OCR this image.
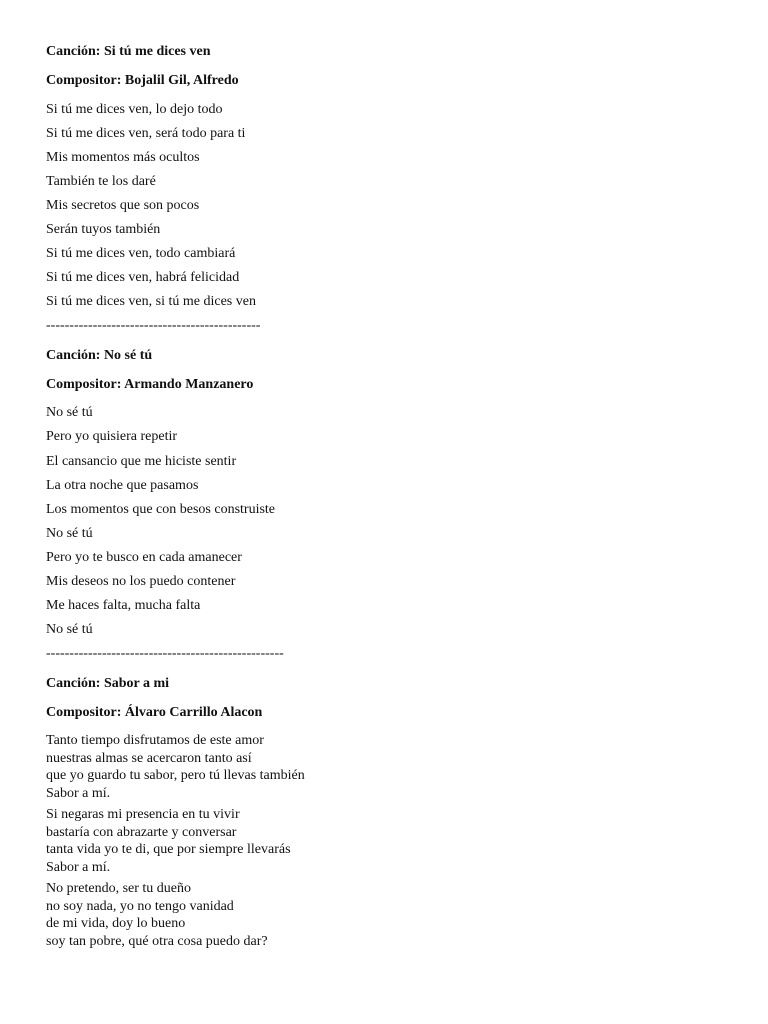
Canción: Si tú me dices ven
Compositor: Bojalil Gil, Alfredo
Si tú me dices ven, lo dejo todo
Si tú me dices ven, será todo para ti
Mis momentos más ocultos
También te los daré
Mis secretos que son pocos
Serán tuyos también
Si tú me dices ven, todo cambiará
Si tú me dices ven, habrá felicidad
Si tú me dices ven, si tú me dices ven
----------------------------------------------
Canción: No sé tú
Compositor: Armando Manzanero
No sé tú
Pero yo quisiera repetir
El cansancio que me hiciste sentir
La otra noche que pasamos
Los momentos que con besos construiste
No sé tú
Pero yo te busco en cada amanecer
Mis deseos no los puedo contener
Me haces falta, mucha falta
No sé tú
---------------------------------------------------
Canción: Sabor a mi
Compositor: Álvaro Carrillo Alacon
Tanto tiempo disfrutamos de este amor
nuestras almas se acercaron tanto así
que yo guardo tu sabor, pero tú llevas también
Sabor a mí.
Si negaras mi presencia en tu vivir
bastaría con abrazarte y conversar
tanta vida yo te di, que por siempre llevarás
Sabor a mí.
No pretendo, ser tu dueño
no soy nada, yo no tengo vanidad
de mi vida, doy lo bueno
soy tan pobre, qué otra cosa puedo dar?
